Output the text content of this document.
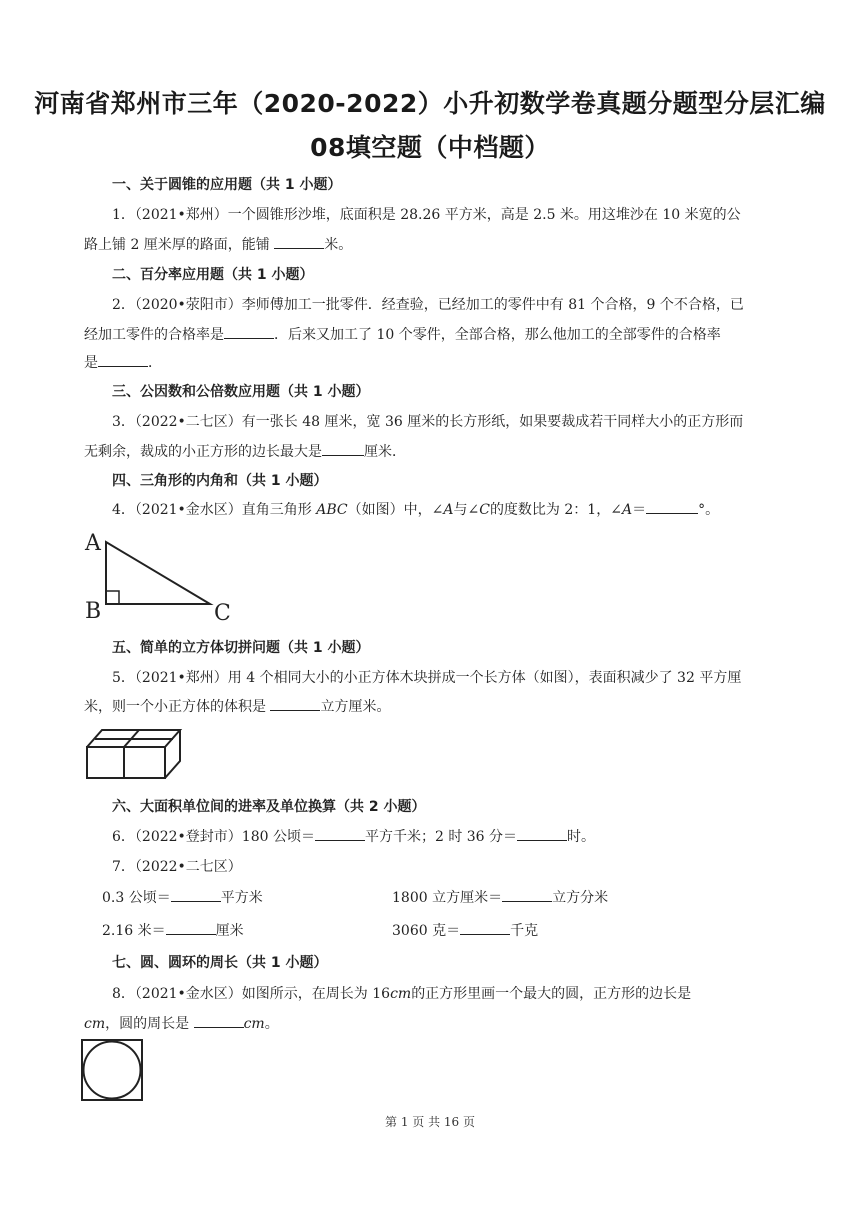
河南省郑州市三年（2020-2022）小升初数学卷真题分题型分层汇编
08填空题（中档题）
一、关于圆锥的应用题（共 1 小题）
1．（2021•郑州）一个圆锥形沙堆，底面积是 28.26 平方米，高是 2.5 米。用这堆沙在 10 米宽的公
路上铺 2 厘米厚的路面，能铺	米。
二、百分率应用题（共 1 小题）
2．（2020•荥阳市）李师傅加工一批零件．经查验，已经加工的零件中有 81 个合格，9 个不合格，已
经加工零件的合格率是	．后来又加工了 10 个零件，全部合格，那么他加工的全部零件的合格率
是	．
三、公因数和公倍数应用题（共 1 小题）
3．（2022•二七区）有一张长 48 厘米，宽 36 厘米的长方形纸，如果要裁成若干同样大小的正方形而
无剩余，裁成的小正方形的边长最大是	厘米．
四、三角形的内角和（共 1 小题）
4．（2021•金水区）直角三角形 ABC（如图）中，∠A与∠C的度数比为 2：1，∠A＝	°。
A
B	C
五、简单的立方体切拼问题（共 1 小题）
5．（2021•郑州）用 4 个相同大小的小正方体木块拼成一个长方体（如图），表面积减少了 32 平方厘
米，则一个小正方体的体积是	立方厘米。
六、大面积单位间的进率及单位换算（共 2 小题）
6．（2022•登封市）180 公顷＝	平方千米；2 时 36 分＝	时。
7．（2022•二七区）
0.3 公顷＝	平方米	1800 立方厘米＝	立方分米
2.16 米＝	厘米	3060 克＝	千克
七、圆、圆环的周长（共 1 小题）
8．（2021•金水区）如图所示，在周长为 16cm的正方形里画一个最大的圆，正方形的边长是
cm，圆的周长是	cm。
第 1 页 共 16 页
